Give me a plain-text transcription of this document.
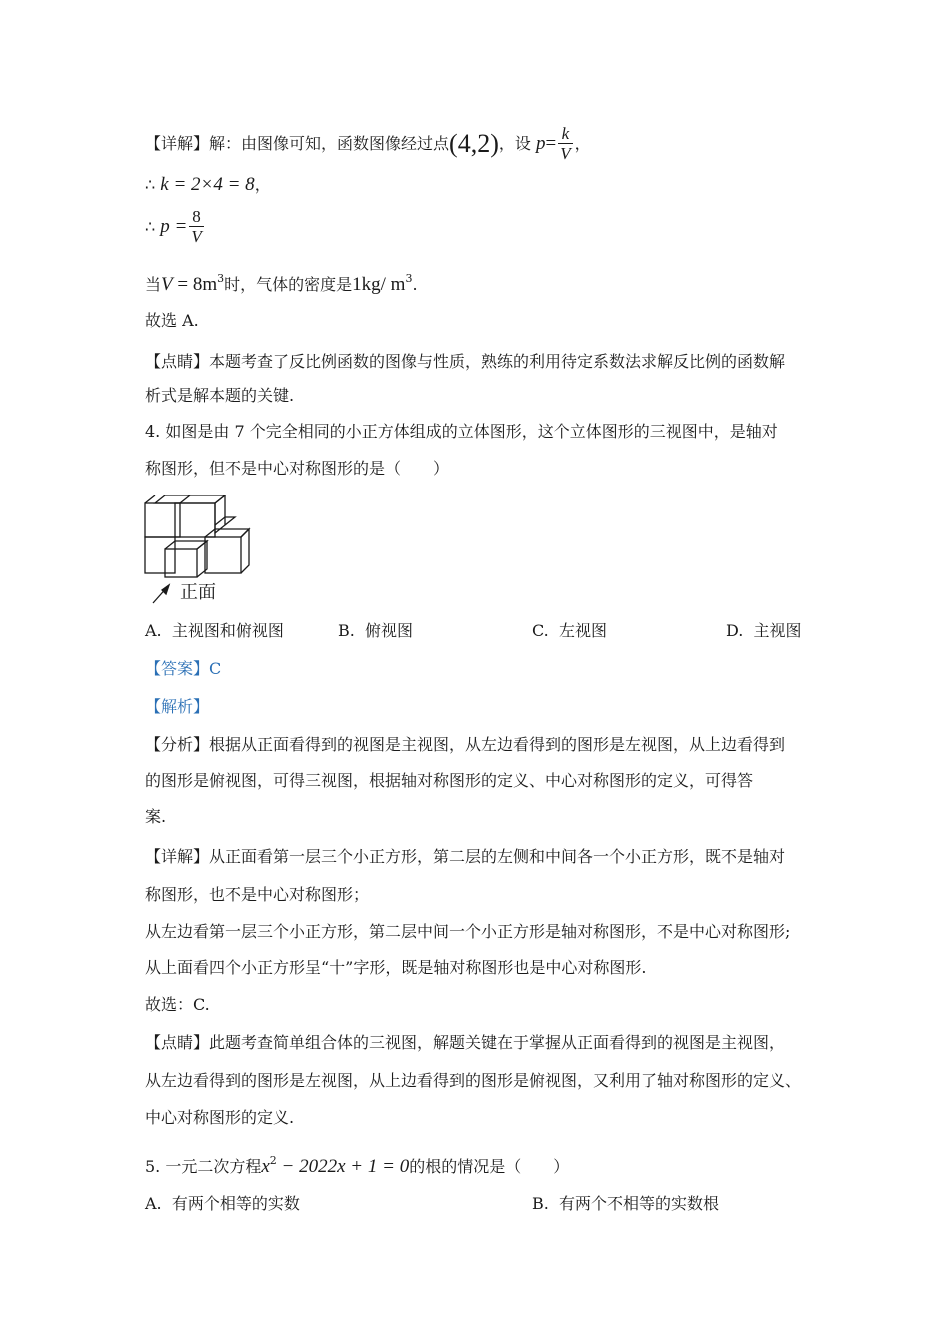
【详解】解：由图像可知，函数图像经过点(4,2)，设 $p= \frac{k}{V}$ ，
∴ k = 2×4 = 8，
∴ $p = \frac{8}{V}$
当$V = 8m^3$时，气体的密度是1kg/ $m^3$.
故选 A.
【点睛】本题考查了反比例函数的图像与性质，熟练的利用待定系数法求解反比例的函数解
析式是解本题的关键.
4. 如图是由 7 个完全相同的小正方体组成的立体图形，这个立体图形的三视图中，是轴对
称图形，但不是中心对称图形的是（　　）
正面
A. 主视图和俯视图	B. 俯视图	C. 左视图	D. 主视图
【答案】C
【解析】
【分析】根据从正面看得到的视图是主视图，从左边看得到的图形是左视图，从上边看得到
的图形是俯视图，可得三视图，根据轴对称图形的定义、中心对称图形的定义，可得答
案.
【详解】从正面看第一层三个小正方形，第二层的左侧和中间各一个小正方形，既不是轴对
称图形，也不是中心对称图形；
从左边看第一层三个小正方形，第二层中间一个小正方形是轴对称图形，不是中心对称图形;
从上面看四个小正方形呈“十”字形，既是轴对称图形也是中心对称图形.
故选：C.
【点睛】此题考查简单组合体的三视图，解题关键在于掌握从正面看得到的视图是主视图，
从左边看得到的图形是左视图，从上边看得到的图形是俯视图，又利用了轴对称图形的定义、
中心对称图形的定义.
5. 一元二次方程$x^2 - 2022x + 1 = 0$的根的情况是（　　）
A. 有两个相等的实数	B. 有两个不相等的实数根
